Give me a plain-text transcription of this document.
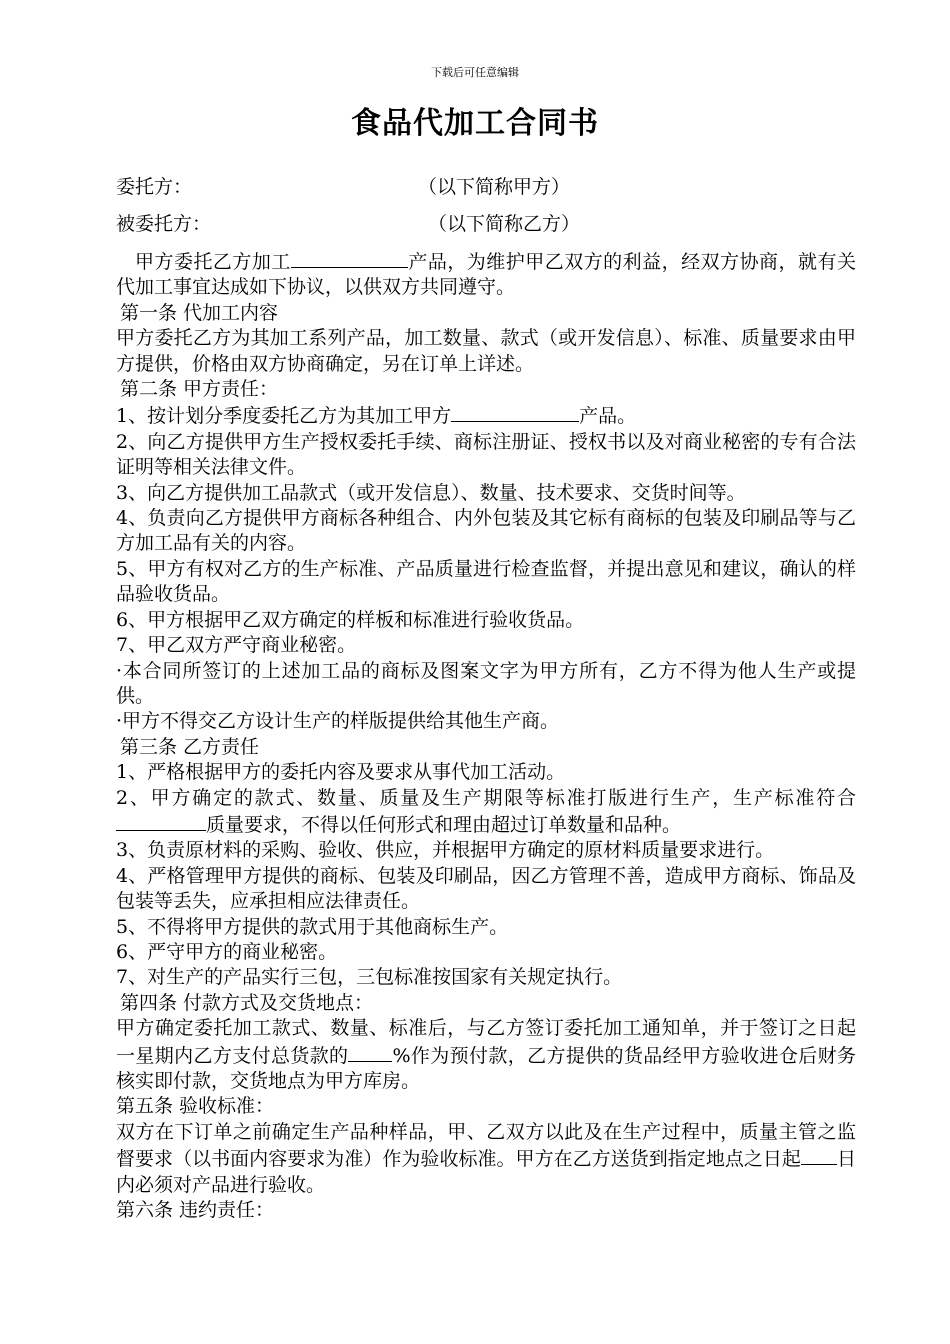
下载后可任意编辑
食品代加工合同书
委托方：	（以下简称甲方）
被委托方：	（以下简称乙方）

甲方委托乙方加工	产品，为维护甲乙双方的利益，经双方协商，就有关代加工事宜达成如下协议，以供双方共同遵守。

第一条 代加工内容

甲方委托乙方为其加工系列产品，加工数量、款式（或开发信息）、标准、质量要求由甲方提供，价格由双方协商确定，另在订单上详述。

第二条 甲方责任：

1、按计划分季度委托乙方为其加工甲方	产品。

2、向乙方提供甲方生产授权委托手续、商标注册证、授权书以及对商业秘密的专有合法证明等相关法律文件。

3、向乙方提供加工品款式（或开发信息）、数量、技术要求、交货时间等。

4、负责向乙方提供甲方商标各种组合、内外包装及其它标有商标的包装及印刷品等与乙方加工品有关的内容。

5、甲方有权对乙方的生产标准、产品质量进行检查监督，并提出意见和建议，确认的样品验收货品。

6、甲方根据甲乙双方确定的样板和标准进行验收货品。

7、甲乙双方严守商业秘密。

·本合同所签订的上述加工品的商标及图案文字为甲方所有，乙方不得为他人生产或提供。

·甲方不得交乙方设计生产的样版提供给其他生产商。

第三条 乙方责任

1、严格根据甲方的委托内容及要求从事代加工活动。

2、甲方确定的款式、数量、质量及生产期限等标准打版进行生产，生产标准符合质量要求，不得以任何形式和理由超过订单数量和品种。

3、负责原材料的采购、验收、供应，并根据甲方确定的原材料质量要求进行。

4、严格管理甲方提供的商标、包装及印刷品，因乙方管理不善，造成甲方商标、饰品及包装等丢失，应承担相应法律责任。

5、不得将甲方提供的款式用于其他商标生产。

6、严守甲方的商业秘密。

7、对生产的产品实行三包，三包标准按国家有关规定执行。

第四条 付款方式及交货地点：

甲方确定委托加工款式、数量、标准后，与乙方签订委托加工通知单，并于签订之日起一星期内乙方支付总货款的 %作为预付款，乙方提供的货品经甲方验收进仓后财务核实即付款，交货地点为甲方库房。

第五条 验收标准：

双方在下订单之前确定生产品种样品，甲、乙双方以此及在生产过程中，质量主管之监督要求（以书面内容要求为准）作为验收标准。甲方在乙方送货到指定地点之日起 日内必须对产品进行验收。

第六条 违约责任：
